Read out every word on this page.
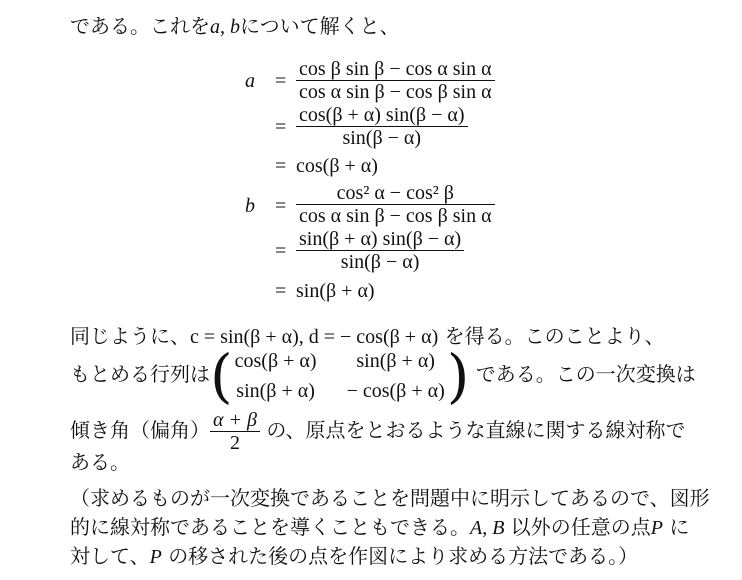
である。これをa, bについて解くと、
$a = \frac{\text{cos β sin β − cos α sin α}}{\text{cos α sin β − cos β sin α}}$
= $\frac{\cos(\beta + \alpha) \sin(\beta - \alpha)}{\sin(\beta - \alpha)}$
= cos(β + α)
$b = \frac{\text{cos² α − cos² β}}{\text{cos α sin β − cos β sin α}}$
= $\frac{\sin(\beta + \alpha) \sin(\beta - \alpha)}{\sin(\beta - \alpha)}$
= sin(β + α)
同じように、c = sin(β + α), d = − cos(β + α) を得る。このことより、
もとめる行列は ( cos(β + α)	sin(β + α)
sin(β + α) − cos(β + α) ) である。この一次変換は
傾き角（偏角） $\frac{\alpha + \beta}{2}$ の、原点をとおるような直線に関する線対称で
ある。
（求めるものが一次変換であることを問題中に明示してあるので、図形
的に線対称であることを導くこともできる。A, B 以外の任意の点P に
対して、P の移された後の点を作図により求める方法である。）
